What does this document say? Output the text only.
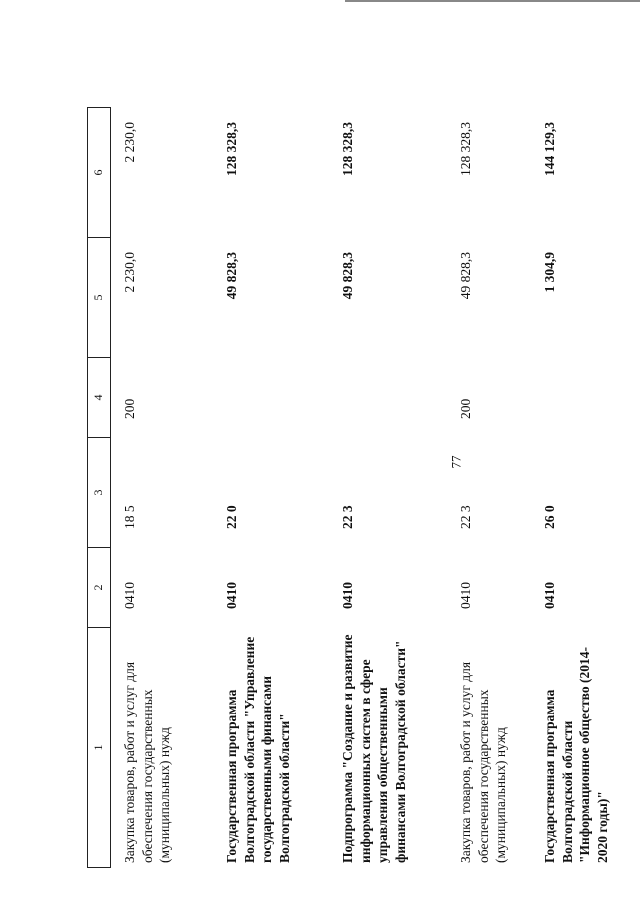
77
1	2	3	4	5	6
Закупка товаров, работ и услуг для обеспечения государственных (муниципальных) нужд	0410	18 5	200	2 230,0	2 230,0
Государственная программа Волгоградской области "Управление государственными финансами Волгоградской области"	0410	22 0		49 828,3	128 328,3
Подпрограмма "Создание и развитие информационных систем в сфере управления общественными финансами Волгоградской области"	0410	22 3		49 828,3	128 328,3
Закупка товаров, работ и услуг для обеспечения государственных (муниципальных) нужд	0410	22 3	200	49 828,3	128 328,3
Государственная программа Волгоградской области "Информационное общество (2014-2020 годы)"	0410	26 0		1 304,9	144 129,3
